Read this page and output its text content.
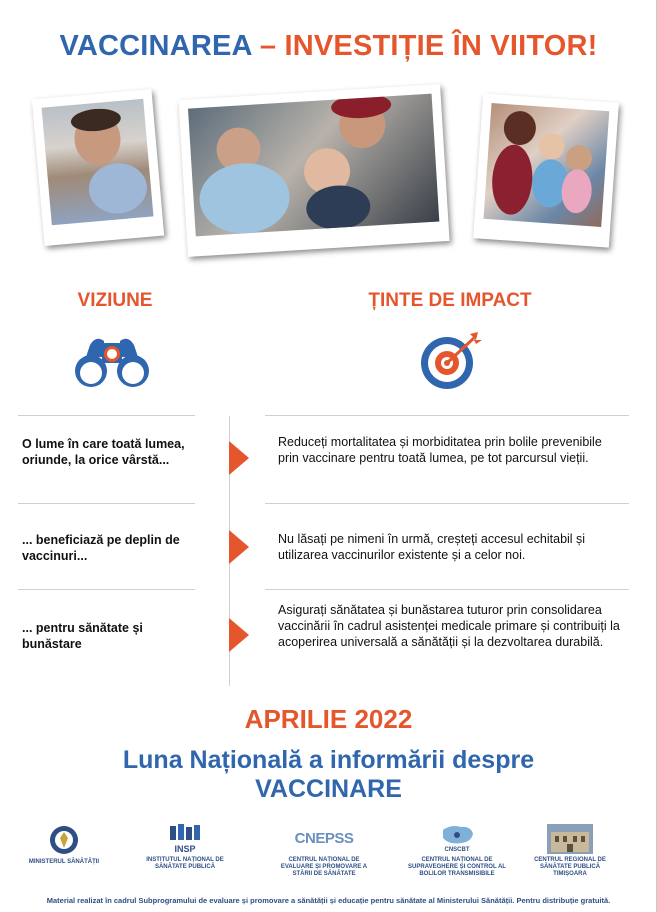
VACCINAREA – INVESTIȚIE ÎN VIITOR!
VIZIUNE	ȚINTE DE IMPACT
O lume în care toată lumea, oriunde, la orice vârstă...
Reduceți mortalitatea și morbiditatea prin bolile prevenibile prin vaccinare pentru toată lumea, pe tot parcursul vieții.
... beneficiază pe deplin de vaccinuri...
Nu lăsați pe nimeni în urmă, creșteți accesul echitabil și utilizarea vaccinurilor existente și a celor noi.
... pentru sănătate și bunăstare
Asigurați sănătatea și bunăstarea tuturor prin consolidarea vaccinării în cadrul asistenței medicale primare și contribuiți la acoperirea universală a sănătății și la dezvoltarea durabilă.
APRILIE 2022
Luna Națională a informării despre
VACCINARE
MINISTERUL SĂNĂTĂȚII
INSP
INSTITUTUL NAȚIONAL DE SĂNĂTATE PUBLICĂ
CNEPSS
CENTRUL NAȚIONAL DE EVALUARE ȘI PROMOVARE A STĂRII DE SĂNĂTATE
CNSCBT
CENTRUL NAȚIONAL DE SUPRAVEGHERE ȘI CONTROL AL BOLILOR TRANSMISIBILE
CENTRUL REGIONAL DE SĂNĂTATE PUBLICĂ TIMIȘOARA
Material realizat în cadrul Subprogramului de evaluare și promovare a sănătății și educație pentru sănătate al Ministerului Sănătății. Pentru distribuție gratuită.
